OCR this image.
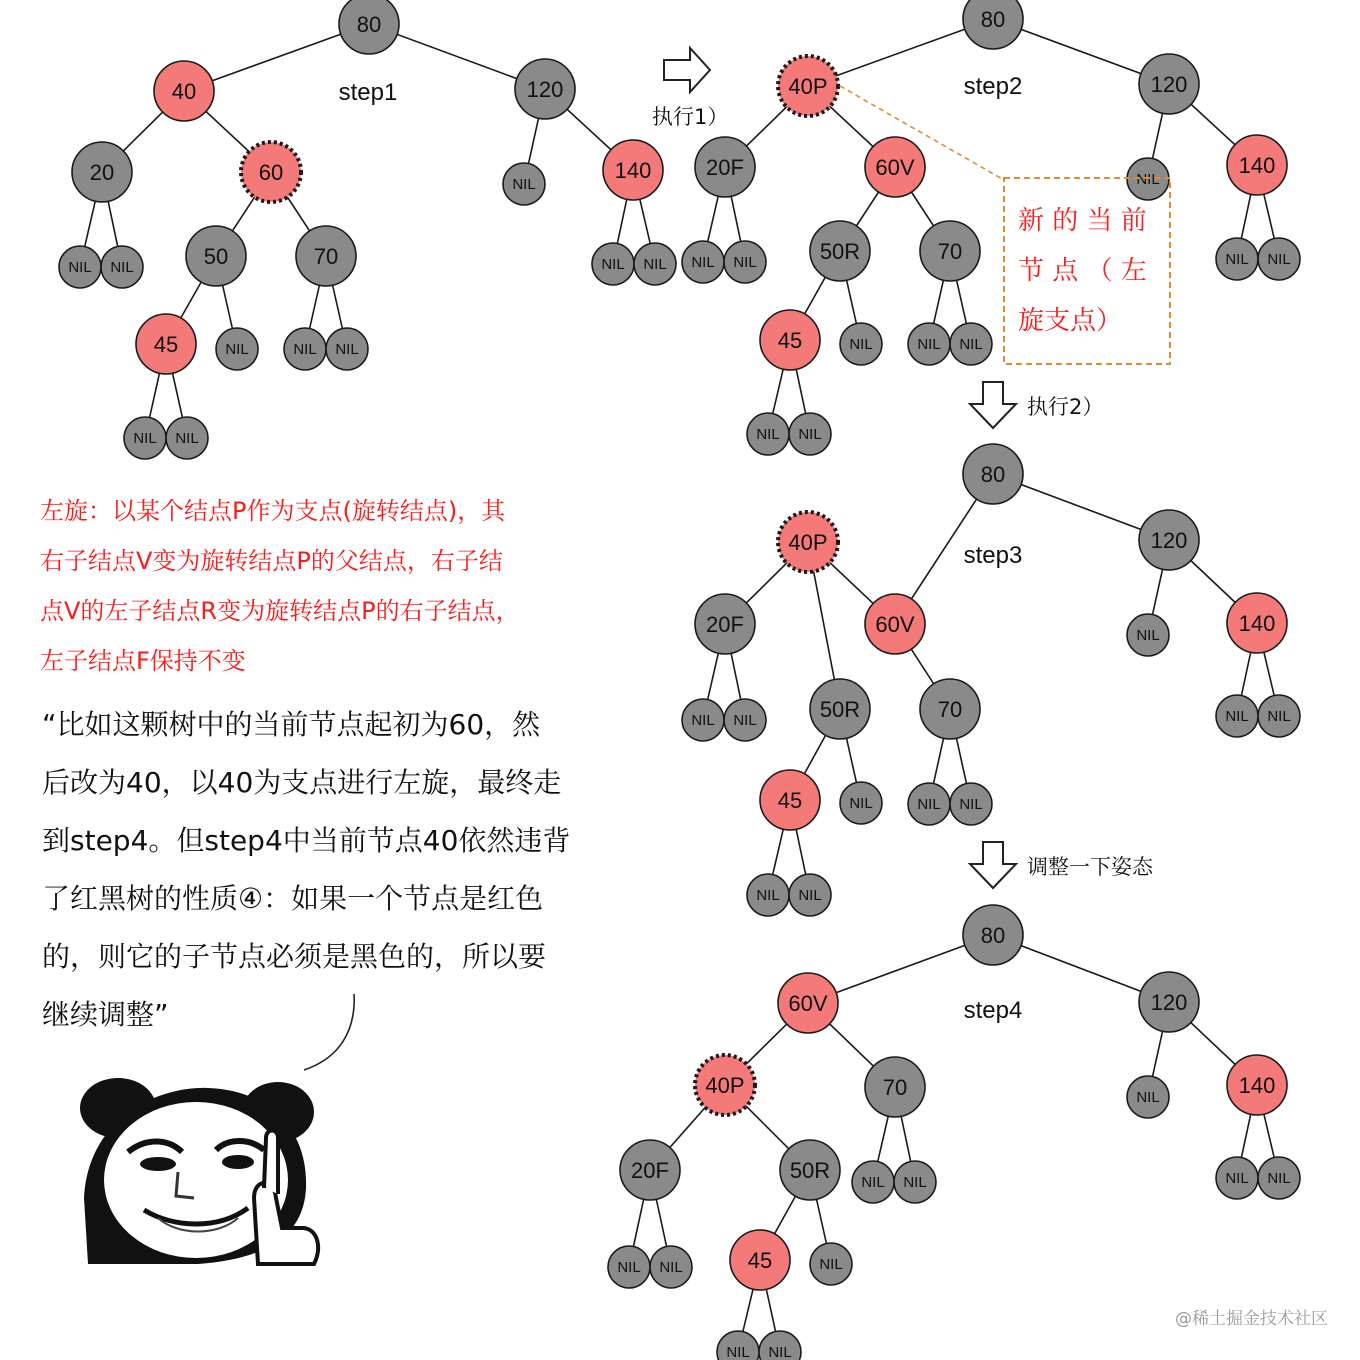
80
40	120
20	60	NIL
140
NIL NIL	50	70	NIL NIL
45	NIL	NIL NIL
NIL NIL
80
40P	120
20F	60V	NIL
140
NIL NIL	50R	70	NIL NIL
45	NIL	NIL NIL
NIL NIL
80
40P	120
20F	60V	NIL	140
NIL NIL	50R	70	NIL NIL
45	NIL	NIL NIL
NIL NIL
80
60V	120
40P	70	NIL	140
20F	50R NIL NIL	NIL NIL
NIL NIL	45	NIL
NIL NIL
step1	step2
step3
step4
执行1）
执行2）
调整一下姿态
新 的 当 前
节 点 （ 左
旋支点）
左旋：以某个结点P作为支点(旋转结点)，其
右子结点V变为旋转结点P的父结点，右子结
点V的左子结点R变为旋转结点P的右子结点，
左子结点F保持不变
“比如这颗树中的当前节点起初为60，然
后改为40，以40为支点进行左旋，最终走
到step4。但step4中当前节点40依然违背
了红黑树的性质④：如果一个节点是红色
的，则它的子节点必须是黑色的，所以要
继续调整”
@稀土掘金技术社区
